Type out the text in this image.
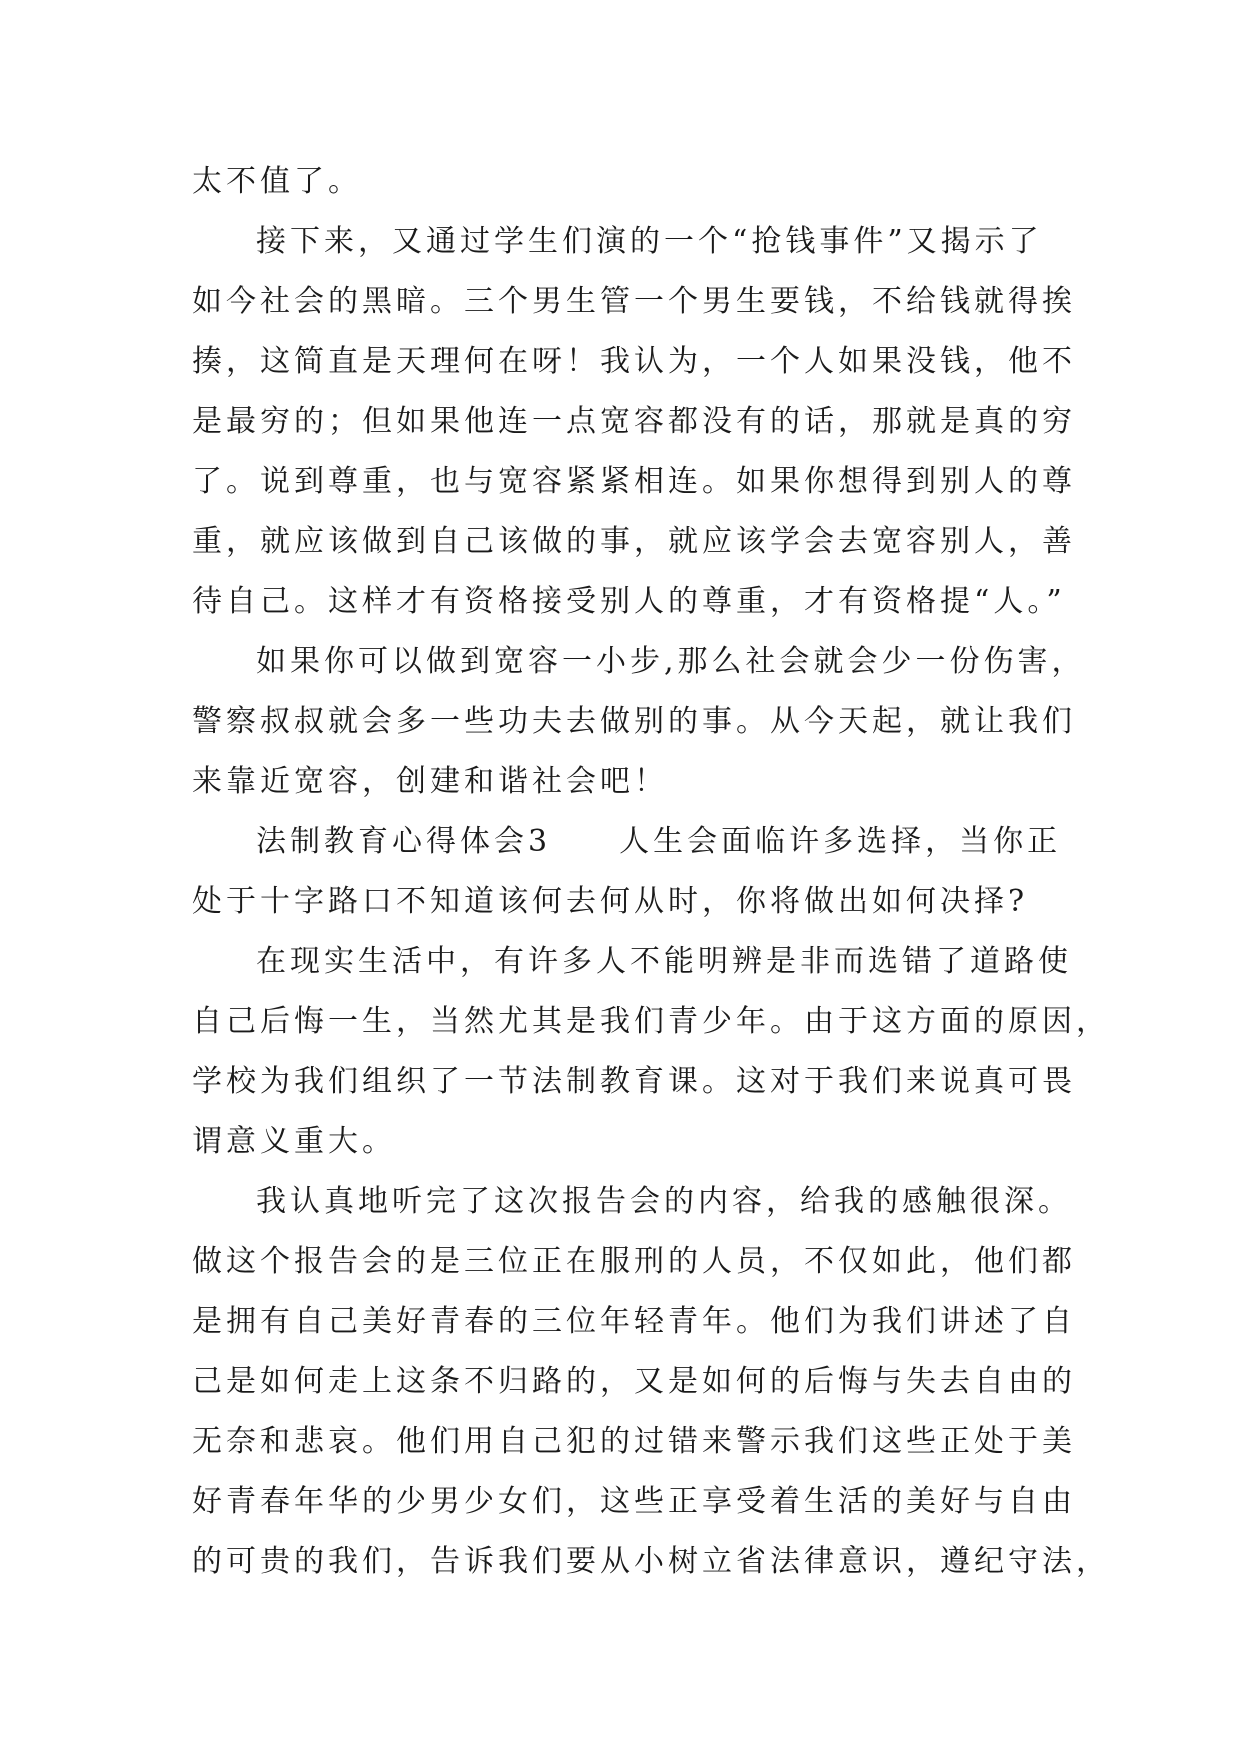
太不值了。
接下来，又通过学生们演的一个“抢钱事件”又揭示了
如今社会的黑暗。三个男生管一个男生要钱，不给钱就得挨
揍，这简直是天理何在呀！我认为，一个人如果没钱，他不
是最穷的；但如果他连一点宽容都没有的话，那就是真的穷
了。说到尊重，也与宽容紧紧相连。如果你想得到别人的尊
重，就应该做到自己该做的事，就应该学会去宽容别人，善
待自己。这样才有资格接受别人的尊重，才有资格提“人。”
如果你可以做到宽容一小步,那么社会就会少一份伤害，
警察叔叔就会多一些功夫去做别的事。从今天起，就让我们
来靠近宽容，创建和谐社会吧！
法制教育心得体会3　　人生会面临许多选择，当你正
处于十字路口不知道该何去何从时，你将做出如何决择?
在现实生活中，有许多人不能明辨是非而选错了道路使
自己后悔一生，当然尤其是我们青少年。由于这方面的原因，
学校为我们组织了一节法制教育课。这对于我们来说真可畏
谓意义重大。
我认真地听完了这次报告会的内容，给我的感触很深。
做这个报告会的是三位正在服刑的人员，不仅如此，他们都
是拥有自己美好青春的三位年轻青年。他们为我们讲述了自
己是如何走上这条不归路的，又是如何的后悔与失去自由的
无奈和悲哀。他们用自己犯的过错来警示我们这些正处于美
好青春年华的少男少女们，这些正享受着生活的美好与自由
的可贵的我们，告诉我们要从小树立省法律意识，遵纪守法，
